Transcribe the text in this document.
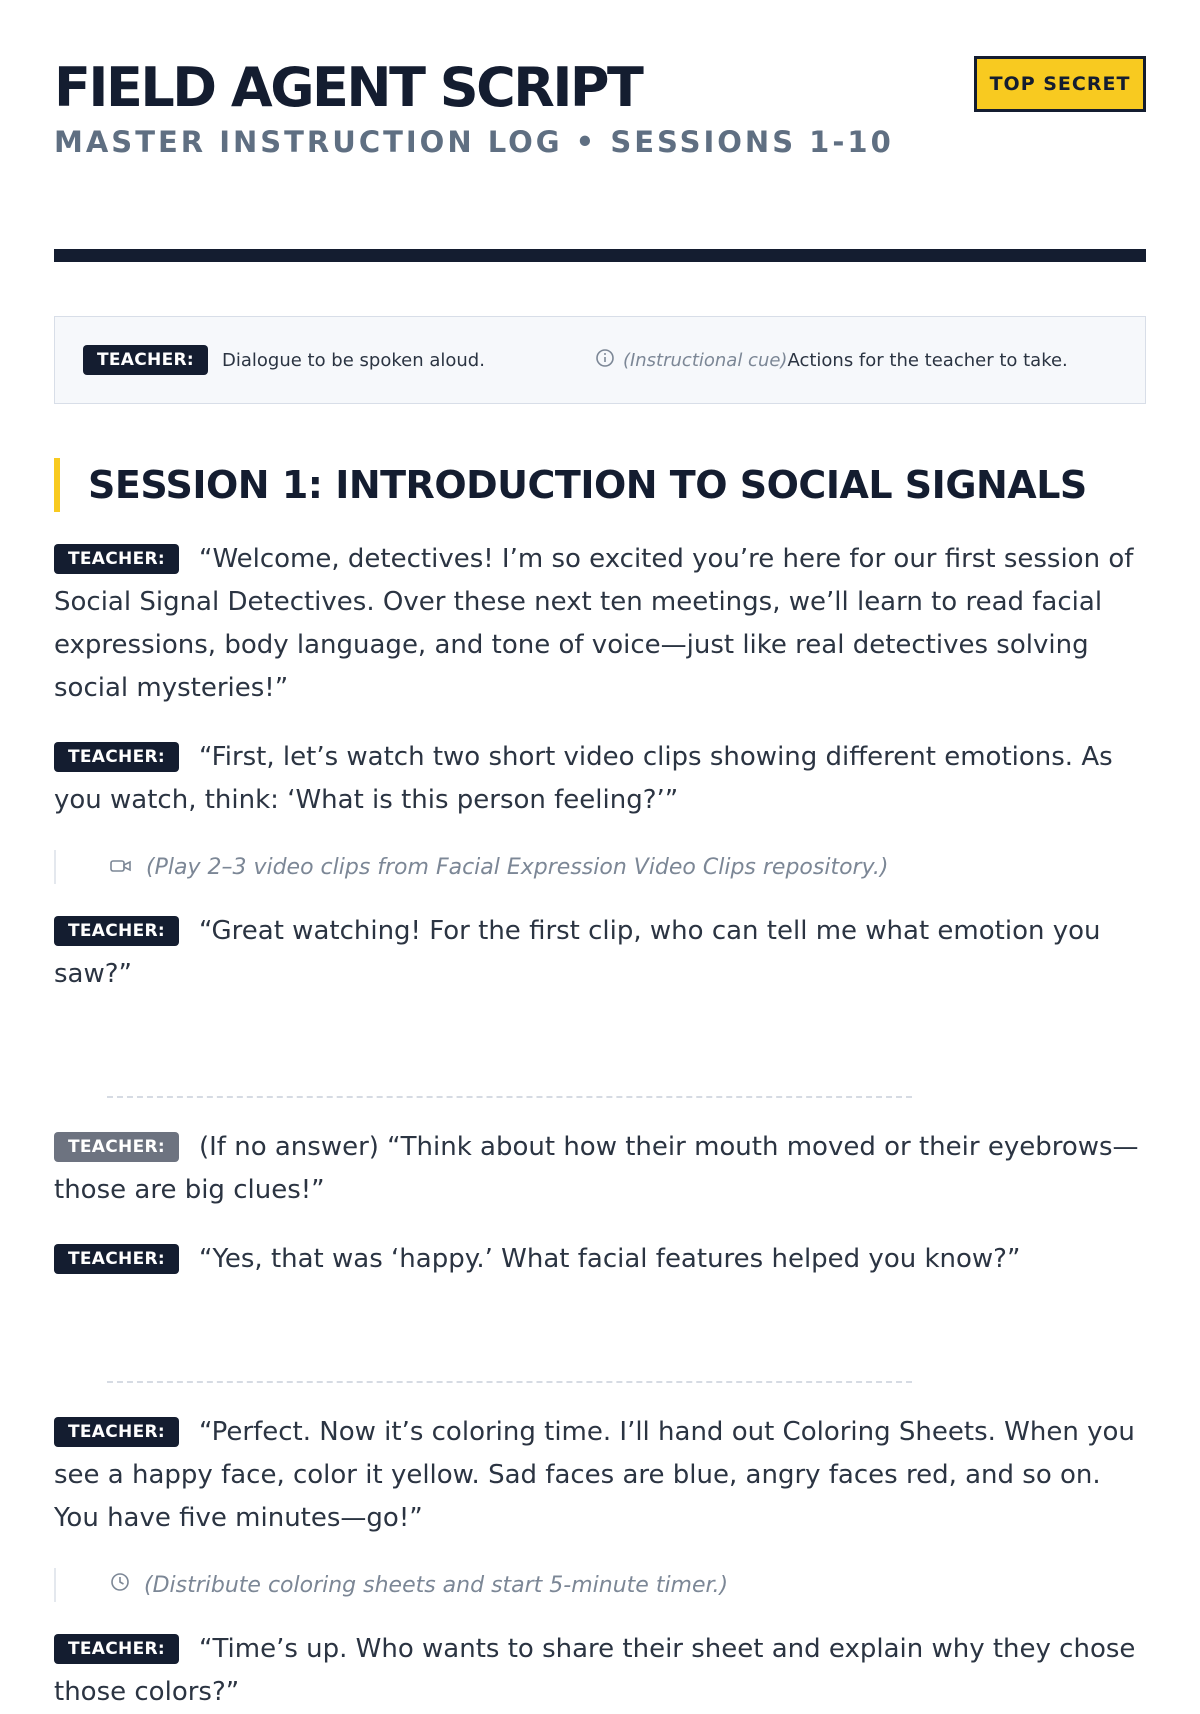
FIELD AGENT SCRIPT
MASTER INSTRUCTION LOG • SESSIONS 1-10
TOP SECRET
TEACHER:	Dialogue to be spoken aloud.	(Instructional cue) Actions for the teacher to take.
SESSION 1: INTRODUCTION TO SOCIAL SIGNALS

TEACHER: “Welcome, detectives! I’m so excited you’re here for our first session of Social Signal Detectives. Over these next ten meetings, we’ll learn to read facial expressions, body language, and tone of voice—just like real detectives solving social mysteries!”

TEACHER: “First, let’s watch two short video clips showing different emotions. As you watch, think: ‘What is this person feeling?’”

(Play 2–3 video clips from Facial Expression Video Clips repository.)

TEACHER: “Great watching! For the first clip, who can tell me what emotion you saw?”

TEACHER: (If no answer) “Think about how their mouth moved or their eyebrows—those are big clues!”

TEACHER: “Yes, that was ‘happy.’ What facial features helped you know?”

TEACHER: “Perfect. Now it’s coloring time. I’ll hand out Coloring Sheets. When you see a happy face, color it yellow. Sad faces are blue, angry faces red, and so on. You have five minutes—go!”

(Distribute coloring sheets and start 5-minute timer.)

TEACHER: “Time’s up. Who wants to share their sheet and explain why they chose those colors?”
